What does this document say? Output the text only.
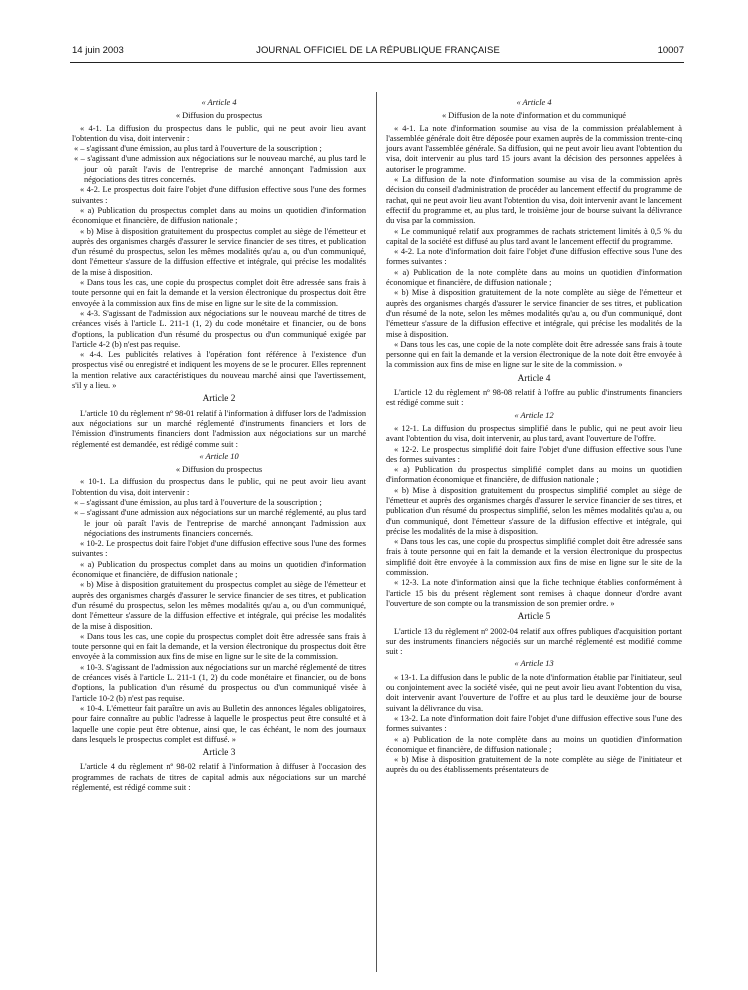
14 juin 2003	JOURNAL OFFICIEL DE LA RÉPUBLIQUE FRANÇAISE	10007

« Article 4

« Diffusion du prospectus

« 4-1. La diffusion du prospectus dans le public, qui ne peut avoir lieu avant l'obtention du visa, doit intervenir :

« – s'agissant d'une émission, au plus tard à l'ouverture de la souscription ;

« – s'agissant d'une admission aux négociations sur le nouveau marché, au plus tard le jour où paraît l'avis de l'entreprise de marché annonçant l'admission aux négociations des titres concernés.

« 4-2. Le prospectus doit faire l'objet d'une diffusion effective sous l'une des formes suivantes :

« a) Publication du prospectus complet dans au moins un quotidien d'information économique et financière, de diffusion nationale ;

« b) Mise à disposition gratuitement du prospectus complet au siège de l'émetteur et auprès des organismes chargés d'assurer le service financier de ses titres, et publication d'un résumé du prospectus, selon les mêmes modalités qu'au a, ou d'un communiqué, dont l'émetteur s'assure de la diffusion effective et intégrale, qui précise les modalités de la mise à disposition.

« Dans tous les cas, une copie du prospectus complet doit être adressée sans frais à toute personne qui en fait la demande et la version électronique du prospectus doit être envoyée à la commission aux fins de mise en ligne sur le site de la commission.

« 4-3. S'agissant de l'admission aux négociations sur le nouveau marché de titres de créances visés à l'article L. 211-1 (1, 2) du code monétaire et financier, ou de bons d'options, la publication d'un résumé du prospectus ou d'un communiqué exigée par l'article 4-2 (b) n'est pas requise.

« 4-4. Les publicités relatives à l'opération font référence à l'existence d'un prospectus visé ou enregistré et indiquent les moyens de se le procurer. Elles reprennent la mention relative aux caractéristiques du nouveau marché ainsi que l'avertissement, s'il y a lieu. »

Article 2

L'article 10 du règlement nº 98-01 relatif à l'information à diffuser lors de l'admission aux négociations sur un marché réglementé d'instruments financiers et lors de l'émission d'instruments financiers dont l'admission aux négociations sur un marché réglementé est demandée, est rédigé comme suit :

« Article 10

« Diffusion du prospectus

« 10-1. La diffusion du prospectus dans le public, qui ne peut avoir lieu avant l'obtention du visa, doit intervenir :

« – s'agissant d'une émission, au plus tard à l'ouverture de la souscription ;

« – s'agissant d'une admission aux négociations sur un marché réglementé, au plus tard le jour où paraît l'avis de l'entreprise de marché annonçant l'admission aux négociations des instruments financiers concernés.

« 10-2. Le prospectus doit faire l'objet d'une diffusion effective sous l'une des formes suivantes :

« a) Publication du prospectus complet dans au moins un quotidien d'information économique et financière, de diffusion nationale ;

« b) Mise à disposition gratuitement du prospectus complet au siège de l'émetteur et auprès des organismes chargés d'assurer le service financier de ses titres, et publication d'un résumé du prospectus, selon les mêmes modalités qu'au a, ou d'un communiqué, dont l'émetteur s'assure de la diffusion effective et intégrale, qui précise les modalités de la mise à disposition.

« Dans tous les cas, une copie du prospectus complet doit être adressée sans frais à toute personne qui en fait la demande, et la version électronique du prospectus doit être envoyée à la commission aux fins de mise en ligne sur le site de la commission.

« 10-3. S'agissant de l'admission aux négociations sur un marché réglementé de titres de créances visés à l'article L. 211-1 (1, 2) du code monétaire et financier, ou de bons d'options, la publication d'un résumé du prospectus ou d'un communiqué visée à l'article 10-2 (b) n'est pas requise.

« 10-4. L'émetteur fait paraître un avis au Bulletin des annonces légales obligatoires, pour faire connaître au public l'adresse à laquelle le prospectus peut être consulté et à laquelle une copie peut être obtenue, ainsi que, le cas échéant, le nom des journaux dans lesquels le prospectus complet est diffusé. »

Article 3

L'article 4 du règlement nº 98-02 relatif à l'information à diffuser à l'occasion des programmes de rachats de titres de capital admis aux négociations sur un marché réglementé, est rédigé comme suit :

« Article 4

« Diffusion de la note d'information et du communiqué

« 4-1. La note d'information soumise au visa de la commission préalablement à l'assemblée générale doit être déposée pour examen auprès de la commission trente-cinq jours avant l'assemblée générale. Sa diffusion, qui ne peut avoir lieu avant l'obtention du visa, doit intervenir au plus tard 15 jours avant la décision des personnes appelées à autoriser le programme.

« La diffusion de la note d'information soumise au visa de la commission après décision du conseil d'administration de procéder au lancement effectif du programme de rachat, qui ne peut avoir lieu avant l'obtention du visa, doit intervenir avant le lancement effectif du programme et, au plus tard, le troisième jour de bourse suivant la délivrance du visa par la commission.

« Le communiqué relatif aux programmes de rachats strictement limités à 0,5 % du capital de la société est diffusé au plus tard avant le lancement effectif du programme.

« 4-2. La note d'information doit faire l'objet d'une diffusion effective sous l'une des formes suivantes :

« a) Publication de la note complète dans au moins un quotidien d'information économique et financière, de diffusion nationale ;

« b) Mise à disposition gratuitement de la note complète au siège de l'émetteur et auprès des organismes chargés d'assurer le service financier de ses titres, et publication d'un résumé de la note, selon les mêmes modalités qu'au a, ou d'un communiqué, dont l'émetteur s'assure de la diffusion effective et intégrale, qui précise les modalités de la mise à disposition.

« Dans tous les cas, une copie de la note complète doit être adressée sans frais à toute personne qui en fait la demande et la version électronique de la note doit être envoyée à la commission aux fins de mise en ligne sur le site de la commission. »

Article 4

L'article 12 du règlement nº 98-08 relatif à l'offre au public d'instruments financiers est rédigé comme suit :

« Article 12

« 12-1. La diffusion du prospectus simplifié dans le public, qui ne peut avoir lieu avant l'obtention du visa, doit intervenir, au plus tard, avant l'ouverture de l'offre.

« 12-2. Le prospectus simplifié doit faire l'objet d'une diffusion effective sous l'une des formes suivantes :

« a) Publication du prospectus simplifié complet dans au moins un quotidien d'information économique et financière, de diffusion nationale ;

« b) Mise à disposition gratuitement du prospectus simplifié complet au siège de l'émetteur et auprès des organismes chargés d'assurer le service financier de ses titres, et publication d'un résumé du prospectus simplifié, selon les mêmes modalités qu'au a, ou d'un communiqué, dont l'émetteur s'assure de la diffusion effective et intégrale, qui précise les modalités de la mise à disposition.

« Dans tous les cas, une copie du prospectus simplifié complet doit être adressée sans frais à toute personne qui en fait la demande et la version électronique du prospectus simplifié doit être envoyée à la commission aux fins de mise en ligne sur le site de la commission.

« 12-3. La note d'information ainsi que la fiche technique établies conformément à l'article 15 bis du présent règlement sont remises à chaque donneur d'ordre avant l'ouverture de son compte ou la transmission de son premier ordre. »

Article 5

L'article 13 du règlement nº 2002-04 relatif aux offres publiques d'acquisition portant sur des instruments financiers négociés sur un marché réglementé est modifié comme suit :

« Article 13

« 13-1. La diffusion dans le public de la note d'information établie par l'initiateur, seul ou conjointement avec la société visée, qui ne peut avoir lieu avant l'obtention du visa, doit intervenir avant l'ouverture de l'offre et au plus tard le deuxième jour de bourse suivant la délivrance du visa.

« 13-2. La note d'information doit faire l'objet d'une diffusion effective sous l'une des formes suivantes :

« a) Publication de la note complète dans au moins un quotidien d'information économique et financière, de diffusion nationale ;

« b) Mise à disposition gratuitement de la note complète au siège de l'initiateur et auprès du ou des établissements présentateurs de
